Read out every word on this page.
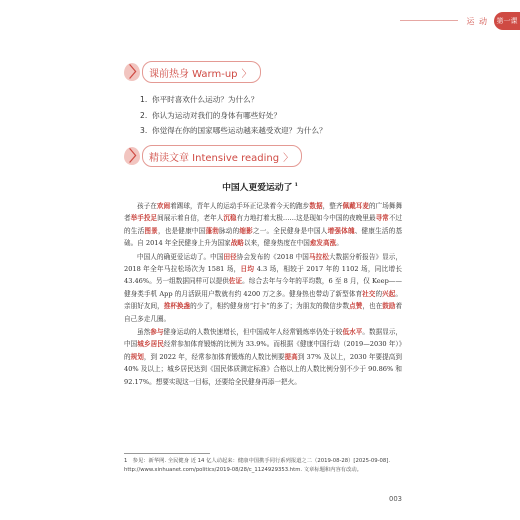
运 动	第一课
〉 课前热身 Warm-up 〉
1. 你平时喜欢什么运动？为什么？
2. 你认为运动对我们的身体有哪些好处？
3. 你觉得在你的国家哪些运动越来越受欢迎？为什么？
〉 精读文章 Intensive reading 〉
中国人更爱运动了 $^1$

孩子在欢闹着踢球，青年人的运动手环正记录着今天的跑步数据，整齐佩戴耳麦的广场舞舞者举手投足间展示着自信，老年人沉稳有力地打着太极……这是现如今中国的夜晚里最寻常不过的生活图景，也是健康中国蓬勃脉动的缩影之一。全民健身是中国人增强体魄、健康生活的基础。自 2014 年全民健身上升为国家战略以来，健身热度在中国愈发高涨。

中国人的确更爱运动了。中国田径协会发布的《2018 中国马拉松大数据分析报告》显示，2018 年全年马拉松场次为 1581 场，日均 4.3 场，相较于 2017 年的 1102 场，同比增长 43.46%。另一组数据同样可以提供佐证。综合去年与今年的平均数，6 至 8 月，仅 Keep——健身类手机 App 的月活跃用户数就有约 4200 万之多。健身热也带动了新型体育社交的兴起。亲朋好友间，推杯换盏的少了，相约健身房“打卡”的多了；为朋友的微信步数点赞，也在鼓励着自己多走几圈。

虽然参与健身运动的人数快速增长，但中国成年人经常锻炼率仍处于较低水平。数据显示，中国城乡居民经常参加体育锻炼的比例为 33.9%。而根据《健康中国行动（2019—2030 年）》的规划，到 2022 年，经常参加体育锻炼的人数比例要提高到 37% 及以上，2030 年要提高到 40% 及以上；城乡居民达到《国民体质测定标准》合格以上的人数比例分别不少于 90.86% 和 92.17%。想要实现这一目标，还要给全民健身再添一把火。

1　参见：新华网. 全民健身 近 14 亿人动起来：健康中国携手同行系列报道之二（2019-08-28）[2025-09-08]. http://www.xinhuanet.com/politics/2019-08/28/c_1124929353.htm. 文章标题和内容有改动。
003
